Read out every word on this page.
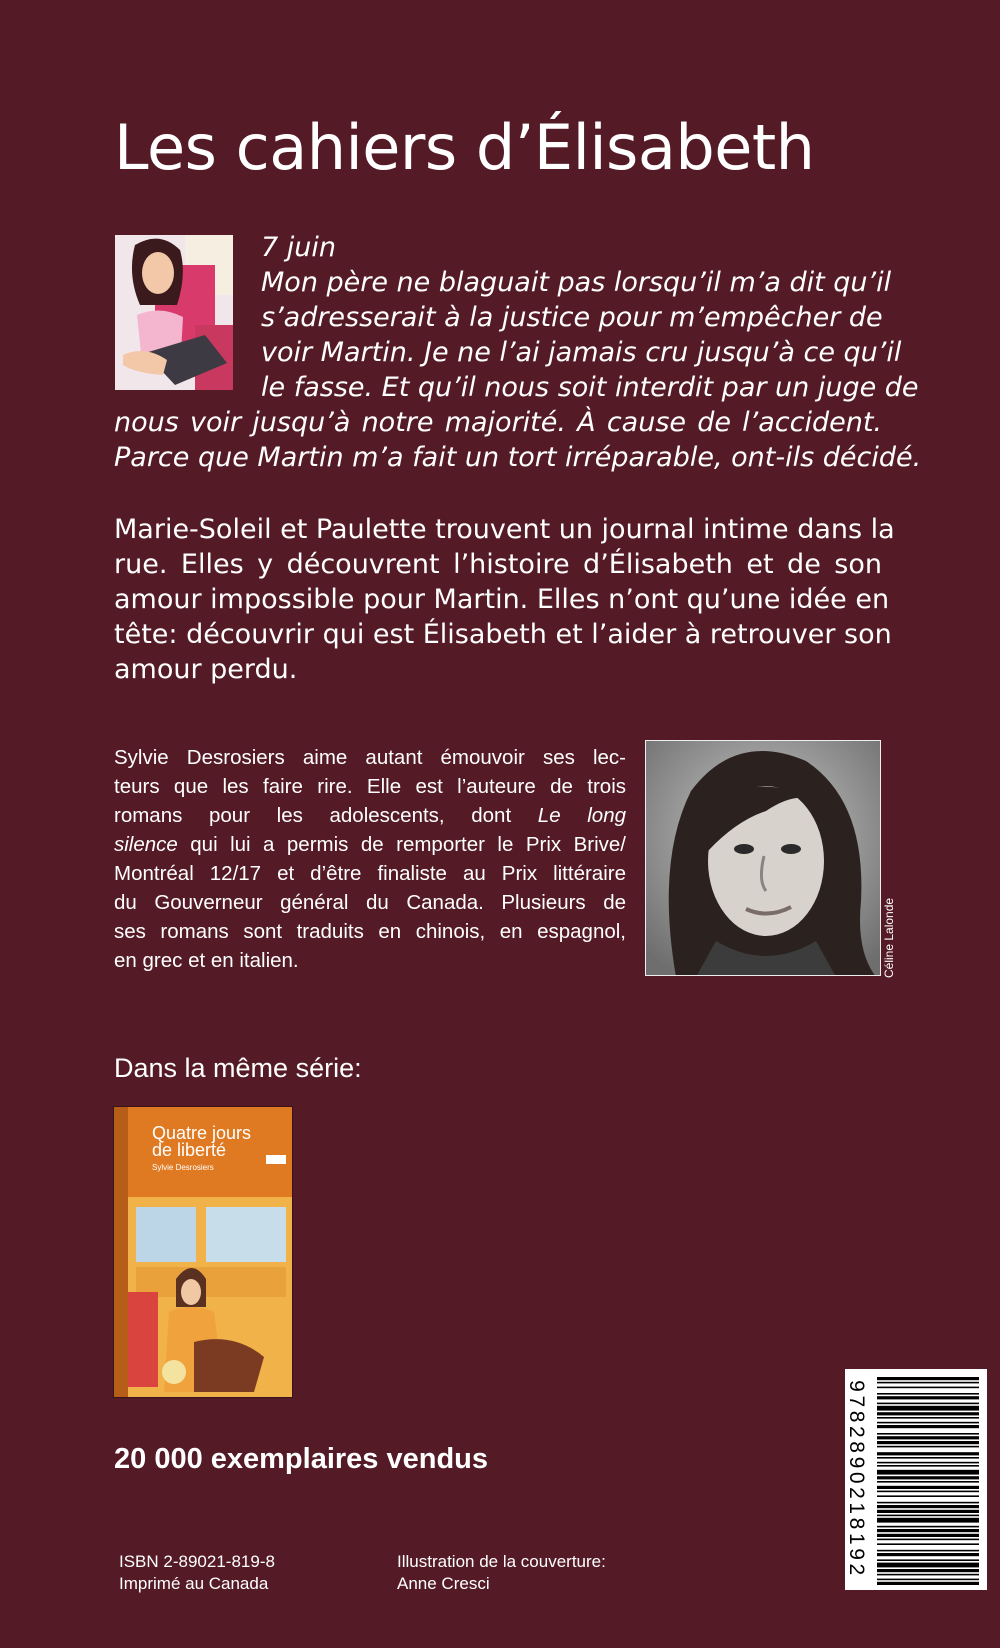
Les cahiers d’Élisabeth
7 juin
Mon père ne blaguait pas lorsqu’il m’a dit qu’il
s’adresserait à la justice pour m’empêcher de
voir Martin. Je ne l’ai jamais cru jusqu’à ce qu’il
le fasse. Et qu’il nous soit interdit par un juge de
nous voir jusqu’à notre majorité. À cause de l’accident.
Parce que Martin m’a fait un tort irréparable, ont-ils décidé.
Marie-Soleil et Paulette trouvent un journal intime dans la
rue. Elles y découvrent l’histoire d’Élisabeth et de son
amour impossible pour Martin. Elles n’ont qu’une idée en
tête: découvrir qui est Élisabeth et l’aider à retrouver son
amour perdu.
Sylvie Desrosiers aime autant émouvoir ses lec-
teurs que les faire rire. Elle est l’auteure de trois
romans pour les adolescents, dont Le long
silence qui lui a permis de remporter le Prix Brive/
Montréal 12/17 et d’être finaliste au Prix littéraire
du Gouverneur général du Canada. Plusieurs de
ses romans sont traduits en chinois, en espagnol,
en grec et en italien.	Céline Lalonde
Dans la même série:
Quatre jours
de liberté
Sylvie Desrosiers
20 000 exemplaires vendus
ISBN 2-89021-819-8
Imprimé au Canada
Illustration de la couverture:
Anne Cresci
9782890218192
